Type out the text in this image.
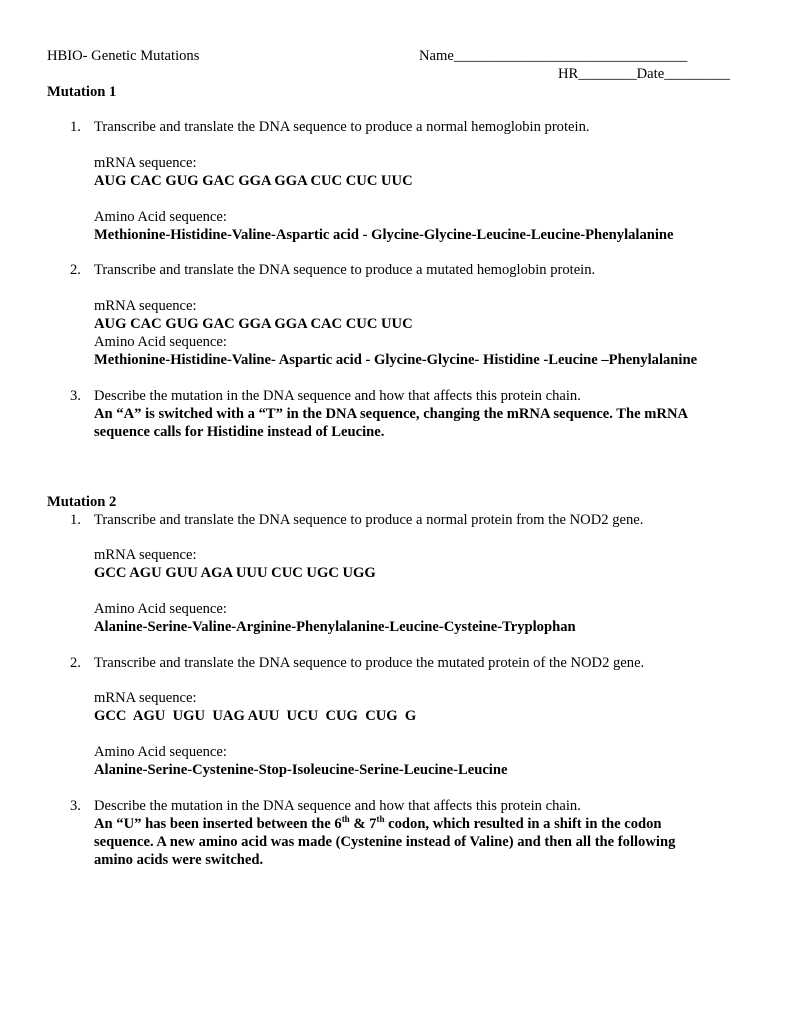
HBIO- Genetic Mutations	Name________________________________
HR________Date_________
Mutation 1
1. Transcribe and translate the DNA sequence to produce a normal hemoglobin protein.
mRNA sequence:
AUG CAC GUG GAC GGA GGA CUC CUC UUC
Amino Acid sequence:
Methionine-Histidine-Valine-Aspartic acid - Glycine-Glycine-Leucine-Leucine-Phenylalanine
2. Transcribe and translate the DNA sequence to produce a mutated hemoglobin protein.
mRNA sequence:
AUG CAC GUG GAC GGA GGA CAC CUC UUC
Amino Acid sequence:
Methionine-Histidine-Valine- Aspartic acid - Glycine-Glycine- Histidine -Leucine –Phenylalanine
3. Describe the mutation in the DNA sequence and how that affects this protein chain.
An “A” is switched with a “T” in the DNA sequence, changing the mRNA sequence. The mRNA
sequence calls for Histidine instead of Leucine.
Mutation 2
1. Transcribe and translate the DNA sequence to produce a normal protein from the NOD2 gene.
mRNA sequence:
GCC AGU GUU AGA UUU CUC UGC UGG
Amino Acid sequence:
Alanine-Serine-Valine-Arginine-Phenylalanine-Leucine-Cysteine-Tryplophan
2. Transcribe and translate the DNA sequence to produce the mutated protein of the NOD2 gene.
mRNA sequence:
GCC  AGU  UGU  UAG AUU  UCU  CUG  CUG  G
Amino Acid sequence:
Alanine-Serine-Cystenine-Stop-Isoleucine-Serine-Leucine-Leucine
3. Describe the mutation in the DNA sequence and how that affects this protein chain.
An “U” has been inserted between the 6th & 7th codon, which resulted in a shift in the codon
sequence. A new amino acid was made (Cystenine instead of Valine) and then all the following
amino acids were switched.
